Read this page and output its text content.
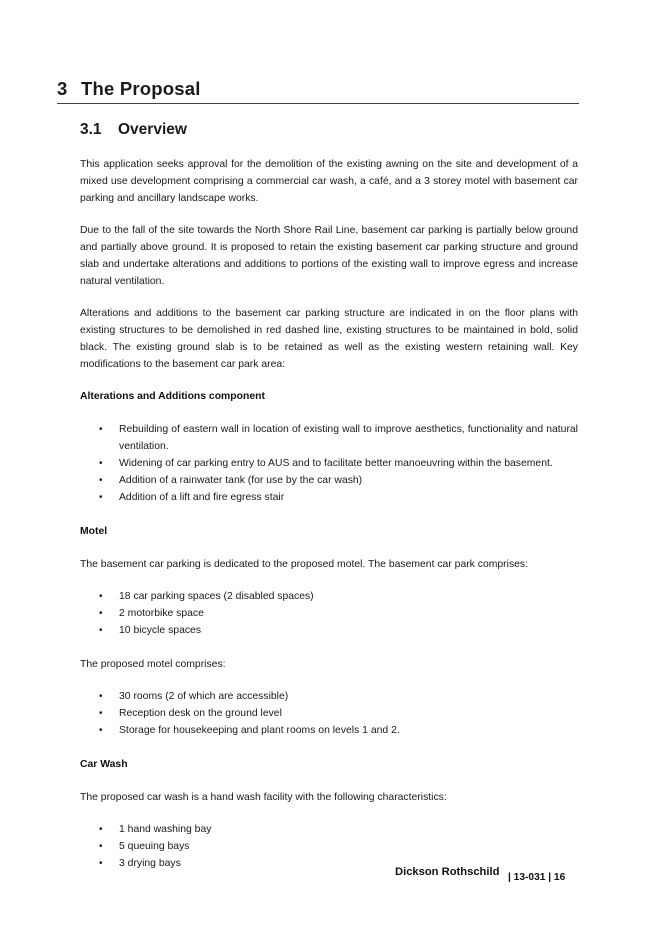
3 The Proposal
3.1 Overview

This application seeks approval for the demolition of the existing awning on the site and development of a mixed use development comprising a commercial car wash, a café, and a 3 storey motel with basement car parking and ancillary landscape works.

Due to the fall of the site towards the North Shore Rail Line, basement car parking is partially below ground and partially above ground. It is proposed to retain the existing basement car parking structure and ground slab and undertake alterations and additions to portions of the existing wall to improve egress and increase natural ventilation.

Alterations and additions to the basement car parking structure are indicated in on the floor plans with existing structures to be demolished in red dashed line, existing structures to be maintained in bold, solid black. The existing ground slab is to be retained as well as the existing western retaining wall. Key modifications to the basement car park area:

Alterations and Additions component

• Rebuilding of eastern wall in location of existing wall to improve aesthetics, functionality and natural ventilation.
• Widening of car parking entry to AUS and to facilitate better manoeuvring within the basement.
• Addition of a rainwater tank (for use by the car wash)
• Addition of a lift and fire egress stair

Motel

The basement car parking is dedicated to the proposed motel. The basement car park comprises:

• 18 car parking spaces (2 disabled spaces)
• 2 motorbike space
• 10 bicycle spaces

The proposed motel comprises:

• 30 rooms (2 of which are accessible)
• Reception desk on the ground level
• Storage for housekeeping and plant rooms on levels 1 and 2.

Car Wash

The proposed car wash is a hand wash facility with the following characteristics:

• 1 hand washing bay
• 5 queuing bays
• 3 drying bays
Dickson Rothschild | 13-031 | 16
